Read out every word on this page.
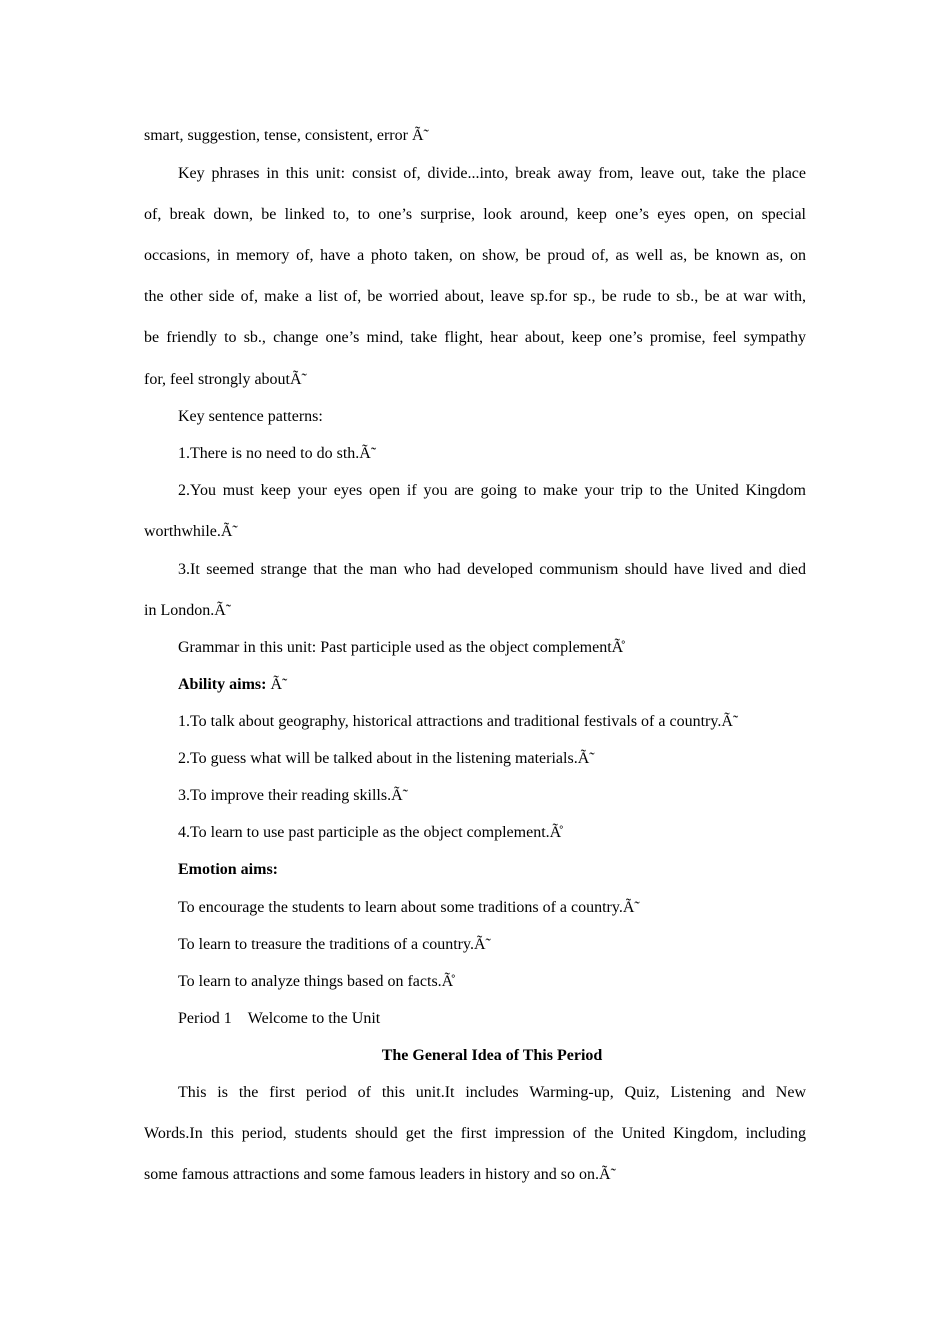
smart, suggestion, tense, consistent, error Ã̃
Key phrases in this unit: consist of, divide...into, break away from, leave out, take the place
of, break down, be linked to, to one’s surprise, look around, keep one’s eyes open, on special
occasions, in memory of, have a photo taken, on show, be proud of, as well as, be known as, on
the other side of, make a list of, be worried about, leave sp.for sp., be rude to sb., be at war with,
be friendly to sb., change one’s mind, take flight, hear about, keep one’s promise, feel sympathy
for, feel strongly aboutÃ̃
Key sentence patterns:
1.There is no need to do sth.Ã̃
2.You must keep your eyes open if you are going to make your trip to the United Kingdom
worthwhile.Ã̃
3.It seemed strange that the man who had developed communism should have lived and died
in London.Ã̃
Grammar in this unit: Past participle used as the object complementÃ̊
Ability aims: Ã̃
1.To talk about geography, historical attractions and traditional festivals of a country.Ã̃
2.To guess what will be talked about in the listening materials.Ã̃
3.To improve their reading skills.Ã̃
4.To learn to use past participle as the object complement.Ã̊
Emotion aims:
To encourage the students to learn about some traditions of a country.Ã̃
To learn to treasure the traditions of a country.Ã̃
To learn to analyze things based on facts.Ã̊
Period 1    Welcome to the Unit
The General Idea of This Period
This is the first period of this unit.It includes Warming-up, Quiz, Listening and New
Words.In this period, students should get the first impression of the United Kingdom, including
some famous attractions and some famous leaders in history and so on.Ã̃
